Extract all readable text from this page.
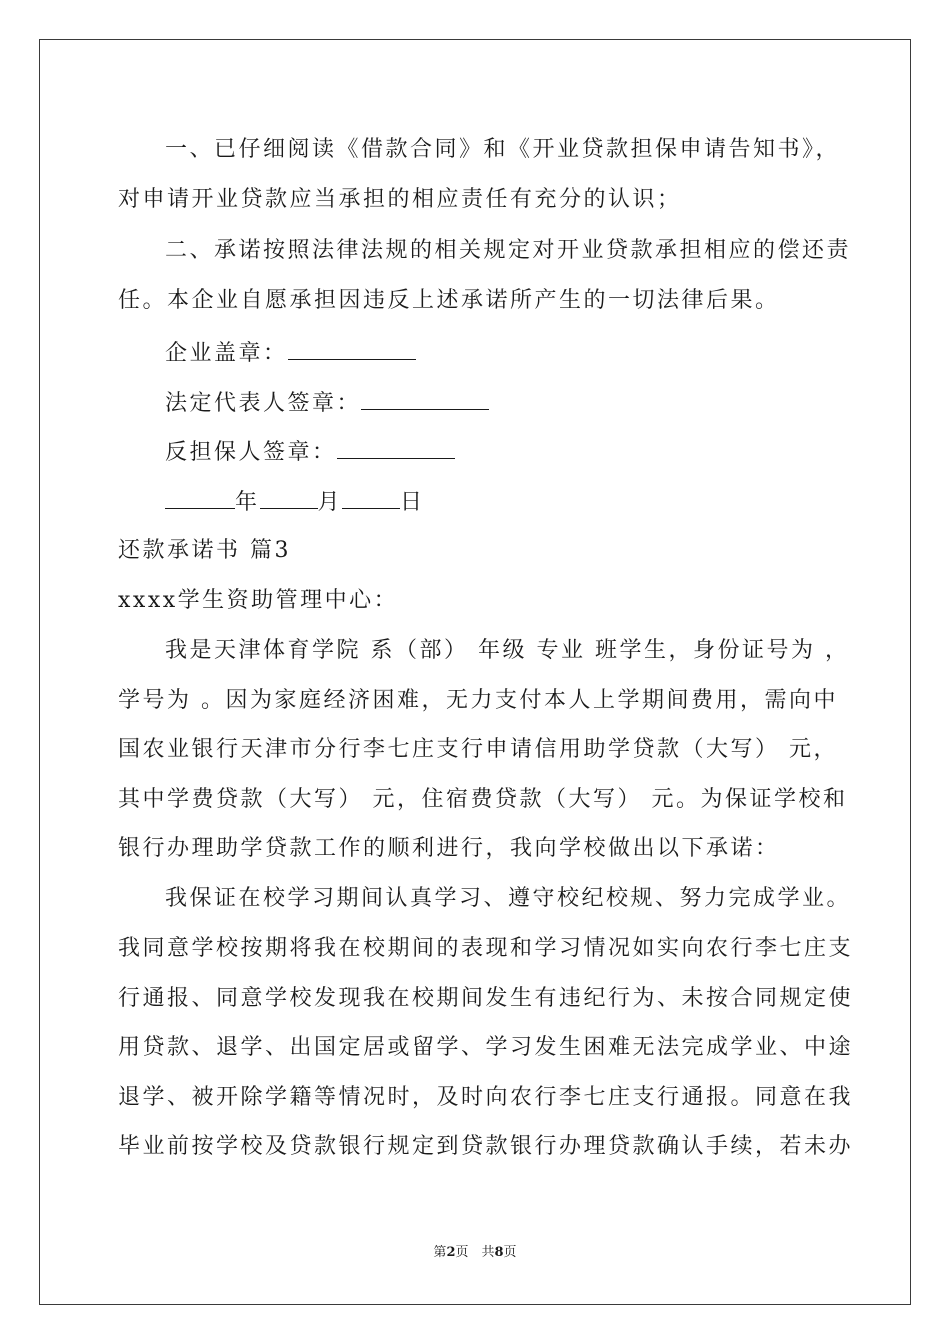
一、已仔细阅读《借款合同》和《开业贷款担保申请告知书》，
对申请开业贷款应当承担的相应责任有充分的认识；
二、承诺按照法律法规的相关规定对开业贷款承担相应的偿还责
任。本企业自愿承担因违反上述承诺所产生的一切法律后果。
企业盖章：
法定代表人签章：
反担保人签章：
年	月	日
还款承诺书 篇3
xxxx学生资助管理中心：
我是天津体育学院 系（部） 年级 专业 班学生，身份证号为 ，
学号为 。因为家庭经济困难，无力支付本人上学期间费用，需向中
国农业银行天津市分行李七庄支行申请信用助学贷款（大写） 元，
其中学费贷款（大写） 元，住宿费贷款（大写） 元。为保证学校和
银行办理助学贷款工作的顺利进行，我向学校做出以下承诺：
我保证在校学习期间认真学习、遵守校纪校规、努力完成学业。
我同意学校按期将我在校期间的表现和学习情况如实向农行李七庄支
行通报、同意学校发现我在校期间发生有违纪行为、未按合同规定使
用贷款、退学、出国定居或留学、学习发生困难无法完成学业、中途
退学、被开除学籍等情况时，及时向农行李七庄支行通报。同意在我
毕业前按学校及贷款银行规定到贷款银行办理贷款确认手续，若未办
第2页　共8页
